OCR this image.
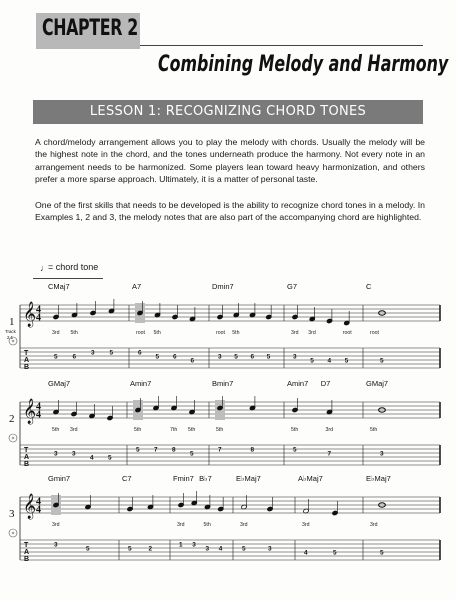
CHAPTER 2
Combining Melody and Harmony
LESSON 1: RECOGNIZING CHORD TONES

A chord/melody arrangement allows you to play the melody with chords. Usually the melody will be the highest note in the chord, and the tones underneath produce the harmony. Not every note in an arrangement needs to be harmonized. Some players lean toward heavy harmonization, and others prefer a more sparse approach. Ultimately, it is a matter of personal taste.

One of the first skills that needs to be developed is the ability to recognize chord tones in a melody. In Examples 1, 2 and 3, the melody notes that are also part of the accompanying chord are highlighted.

♩ = chord tone
1
Track
2.1
𝄞 4
4
T
A
B
CMaj7
3rd
5
5th
6
3 5
A7
root
6
5th
5 6
6
Dmin7
root
3
5th
5 6 5
G7
3rd
3
3rd
5 4
root
5
C
root
5
2 𝄞 4
4
T
A
B
GMaj7
5th
3
3rd
3
4 5
Amin7
5th
5 7
7th
8
5th
5
Bmin7
5th
7	8
Amin7 D7
5th
5
3rd
7
GMaj7
5th
3
3 𝄞 4
4
T
A
B
Gmin7
3rd
3
5
C7
5	2
Fmin7 B♭7
3rd
1 3
5th
3 4
E♭Maj7
3rd
5	3
A♭Maj7
3rd
4	5
E♭Maj7
3rd
5
